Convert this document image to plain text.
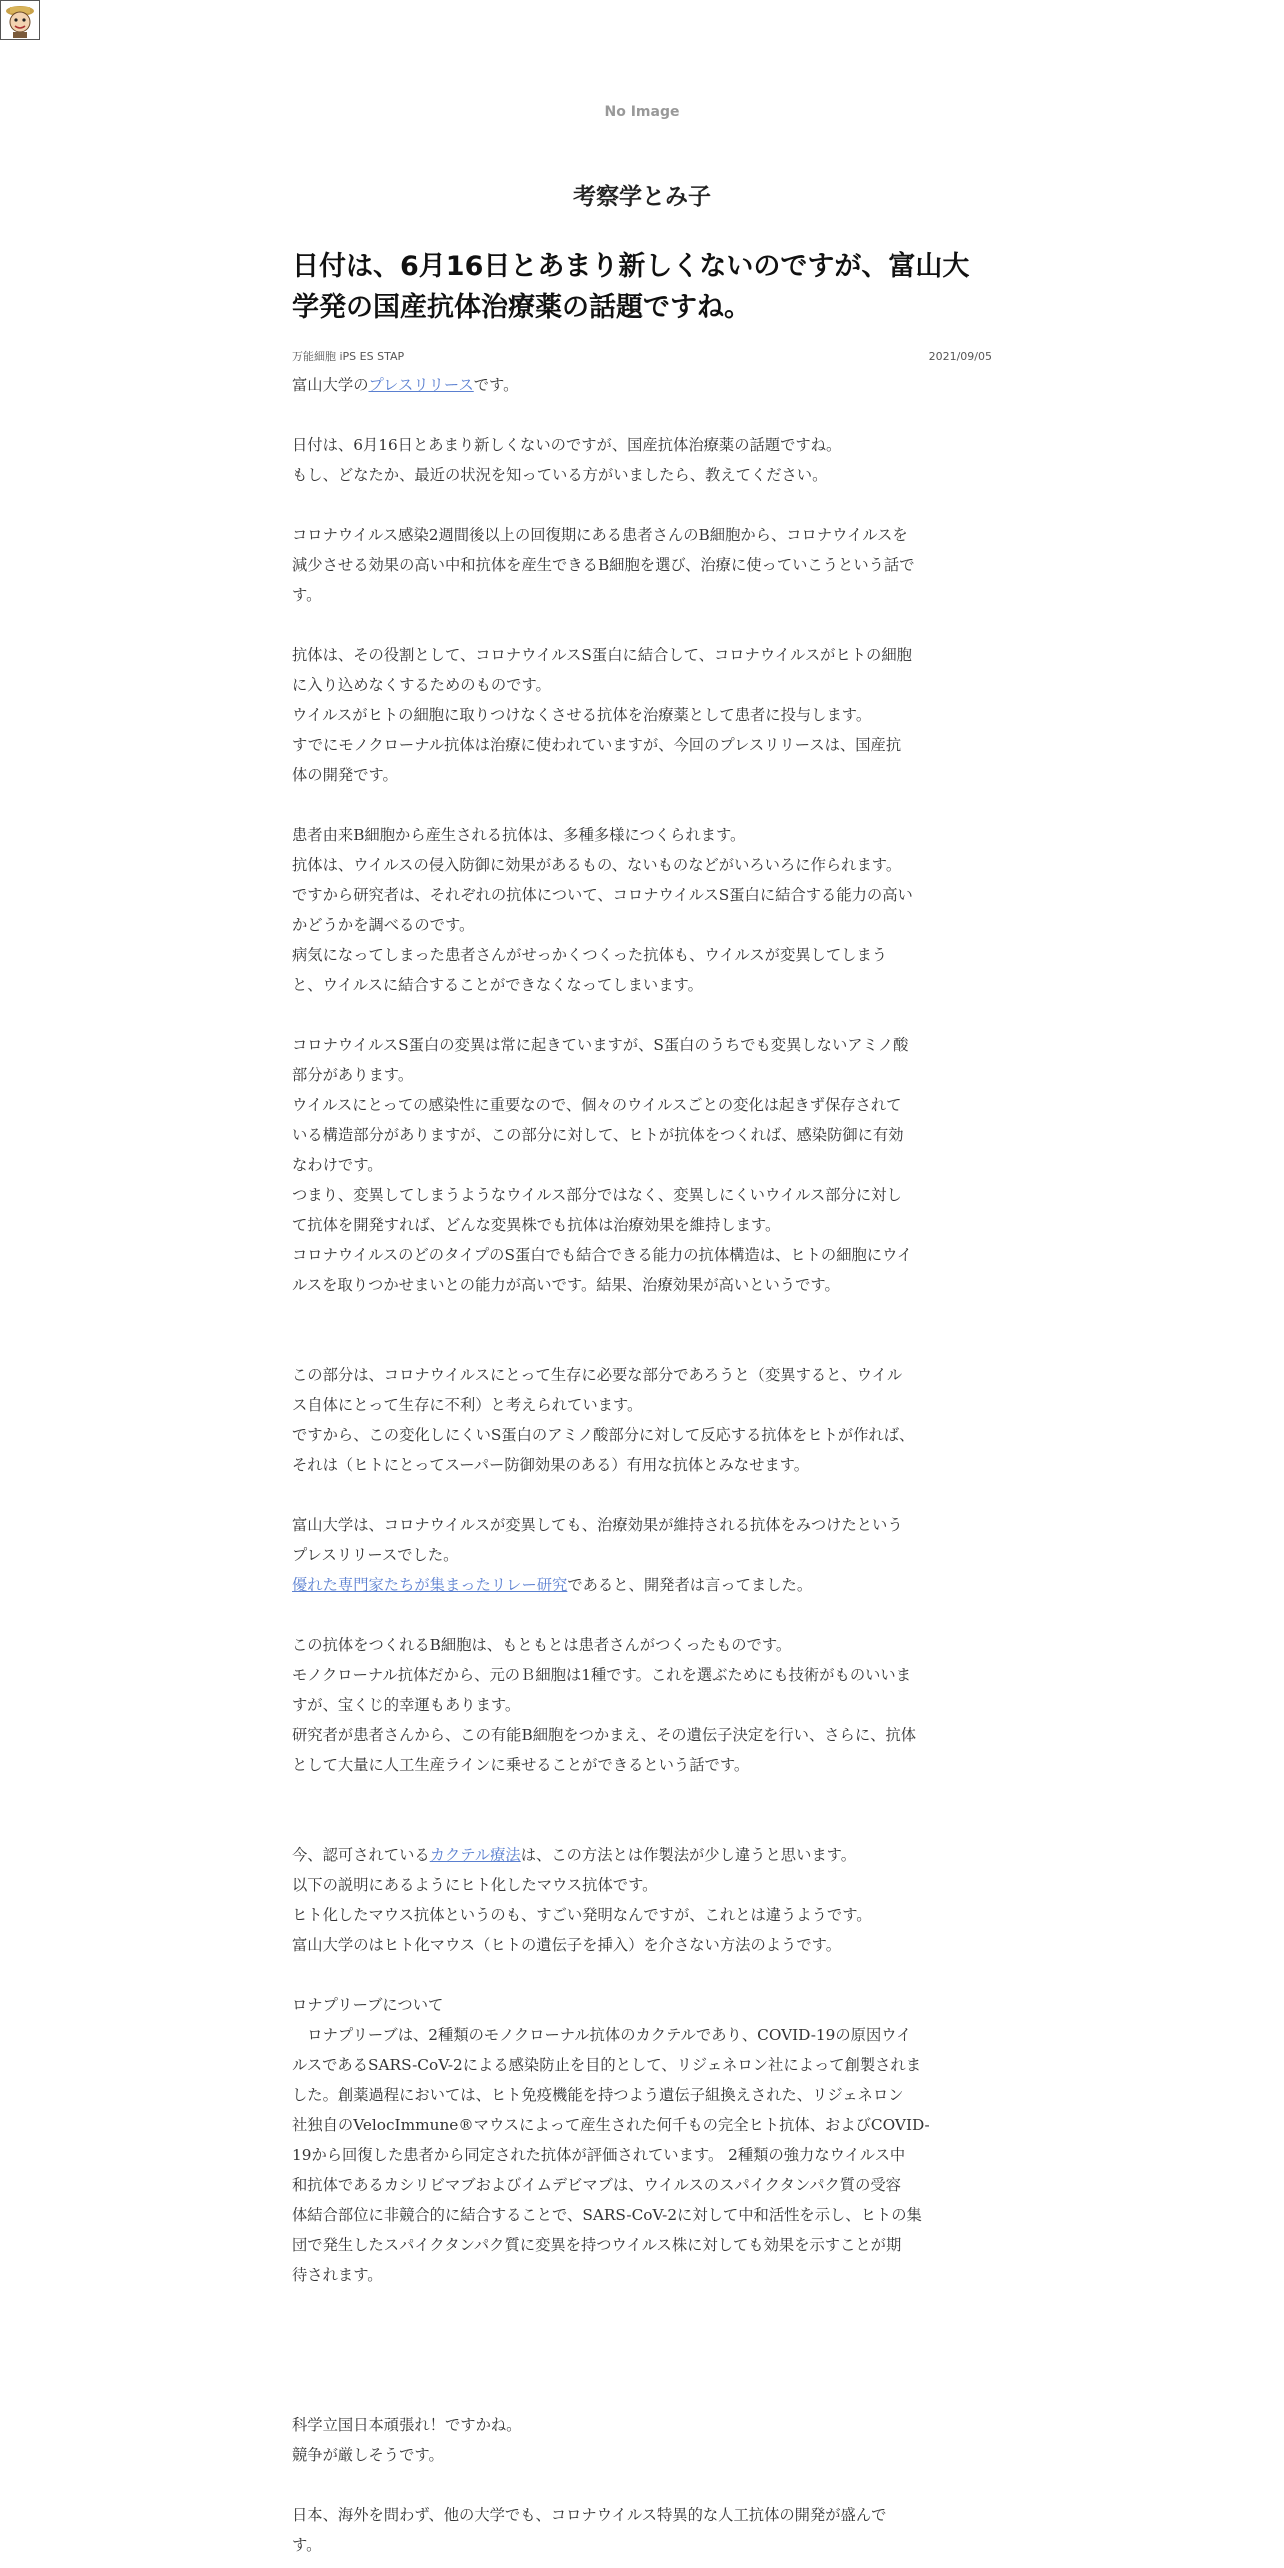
No Image
考察学とみ子
日付は、6月16日とあまり新しくないのですが、富山大学発の国産抗体治療薬の話題ですね。
万能細胞 iPS ES STAP	2021/09/05
富山大学のプレスリリースです。
日付は、6月16日とあまり新しくないのですが、国産抗体治療薬の話題ですね。
もし、どなたか、最近の状況を知っている方がいましたら、教えてください。
コロナウイルス感染2週間後以上の回復期にある患者さんのB細胞から、コロナウイルスを
減少させる効果の高い中和抗体を産生できるB細胞を選び、治療に使っていこうという話で
す。
抗体は、その役割として、コロナウイルスS蛋白に結合して、コロナウイルスがヒトの細胞
に入り込めなくするためのものです。
ウイルスがヒトの細胞に取りつけなくさせる抗体を治療薬として患者に投与します。
すでにモノクローナル抗体は治療に使われていますが、今回のプレスリリースは、国産抗
体の開発です。
患者由来B細胞から産生される抗体は、多種多様につくられます。
抗体は、ウイルスの侵入防御に効果があるもの、ないものなどがいろいろに作られます。
ですから研究者は、それぞれの抗体について、コロナウイルスS蛋白に結合する能力の高い
かどうかを調べるのです。
病気になってしまった患者さんがせっかくつくった抗体も、ウイルスが変異してしまう
と、ウイルスに結合することができなくなってしまいます。
コロナウイルスS蛋白の変異は常に起きていますが、S蛋白のうちでも変異しないアミノ酸
部分があります。
ウイルスにとっての感染性に重要なので、個々のウイルスごとの変化は起きず保存されて
いる構造部分がありますが、この部分に対して、ヒトが抗体をつくれば、感染防御に有効
なわけです。
つまり、変異してしまうようなウイルス部分ではなく、変異しにくいウイルス部分に対し
て抗体を開発すれば、どんな変異株でも抗体は治療効果を維持します。
コロナウイルスのどのタイプのS蛋白でも結合できる能力の抗体構造は、ヒトの細胞にウイ
ルスを取りつかせまいとの能力が高いです。結果、治療効果が高いというです。
この部分は、コロナウイルスにとって生存に必要な部分であろうと（変異すると、ウイル
ス自体にとって生存に不利）と考えられています。
ですから、この変化しにくいS蛋白のアミノ酸部分に対して反応する抗体をヒトが作れば、
それは（ヒトにとってスーパー防御効果のある）有用な抗体とみなせます。
富山大学は、コロナウイルスが変異しても、治療効果が維持される抗体をみつけたという
プレスリリースでした。
優れた専門家たちが集まったリレー研究であると、開発者は言ってました。
この抗体をつくれるB細胞は、もともとは患者さんがつくったものです。
モノクローナル抗体だから、元のＢ細胞は1種です。これを選ぶためにも技術がものいいま
すが、宝くじ的幸運もあります。
研究者が患者さんから、この有能B細胞をつかまえ、その遺伝子決定を行い、さらに、抗体
として大量に人工生産ラインに乗せることができるという話です。
今、認可されているカクテル療法は、この方法とは作製法が少し違うと思います。
以下の説明にあるようにヒト化したマウス抗体です。
ヒト化したマウス抗体というのも、すごい発明なんですが、これとは違うようです。
富山大学のはヒト化マウス（ヒトの遺伝子を挿入）を介さない方法のようです。
ロナプリーブについて
　ロナプリーブは、2種類のモノクローナル抗体のカクテルであり、COVID-19の原因ウイ
ルスであるSARS-CoV-2による感染防止を目的として、リジェネロン社によって創製されま
した。創薬過程においては、ヒト免疫機能を持つよう遺伝子組換えされた、リジェネロン
社独自のVelocImmune®マウスによって産生された何千もの完全ヒト抗体、およびCOVID-
19から回復した患者から同定された抗体が評価されています。 2種類の強力なウイルス中
和抗体であるカシリビマブおよびイムデビマブは、ウイルスのスパイクタンパク質の受容
体結合部位に非競合的に結合することで、SARS-CoV-2に対して中和活性を示し、ヒトの集
団で発生したスパイクタンパク質に変異を持つウイルス株に対しても効果を示すことが期
待されます。
科学立国日本頑張れ！ですかね。
競争が厳しそうです。
日本、海外を問わず、他の大学でも、コロナウイルス特異的な人工抗体の開発が盛んで
す。
